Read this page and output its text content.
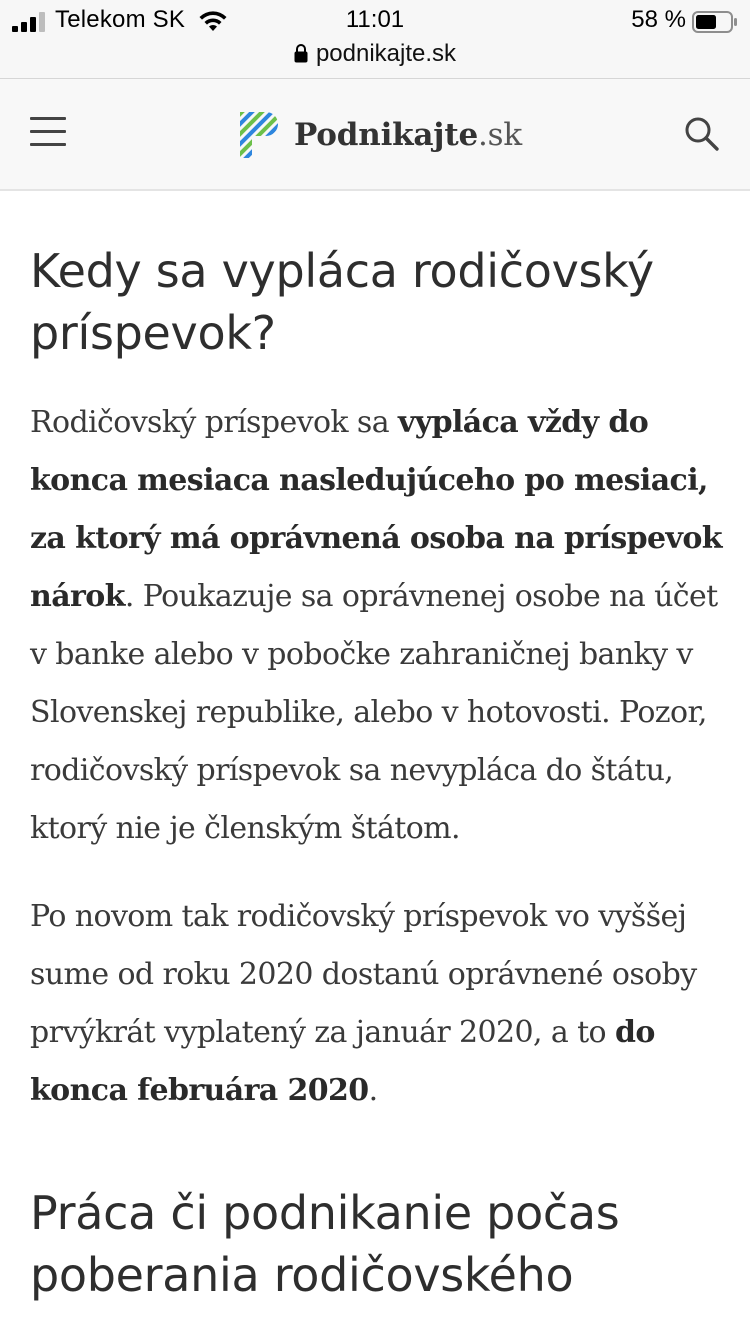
Telekom SK	11:01	58 %
podnikajte.sk
Podnikajte.sk
Kedy sa vypláca rodičovský príspevok?

Rodičovský príspevok sa vypláca vždy do konca mesiaca nasledujúceho po mesiaci, za ktorý má oprávnená osoba na príspevok nárok. Poukazuje sa oprávnenej osobe na účet v banke alebo v pobočke zahraničnej banky v Slovenskej republike, alebo v hotovosti. Pozor, rodičovský príspevok sa nevypláca do štátu, ktorý nie je členským štátom.

Po novom tak rodičovský príspevok vo vyššej sume od roku 2020 dostanú oprávnené osoby prvýkrát vyplatený za január 2020, a to do konca februára 2020.

Práca či podnikanie počas poberania rodičovského
